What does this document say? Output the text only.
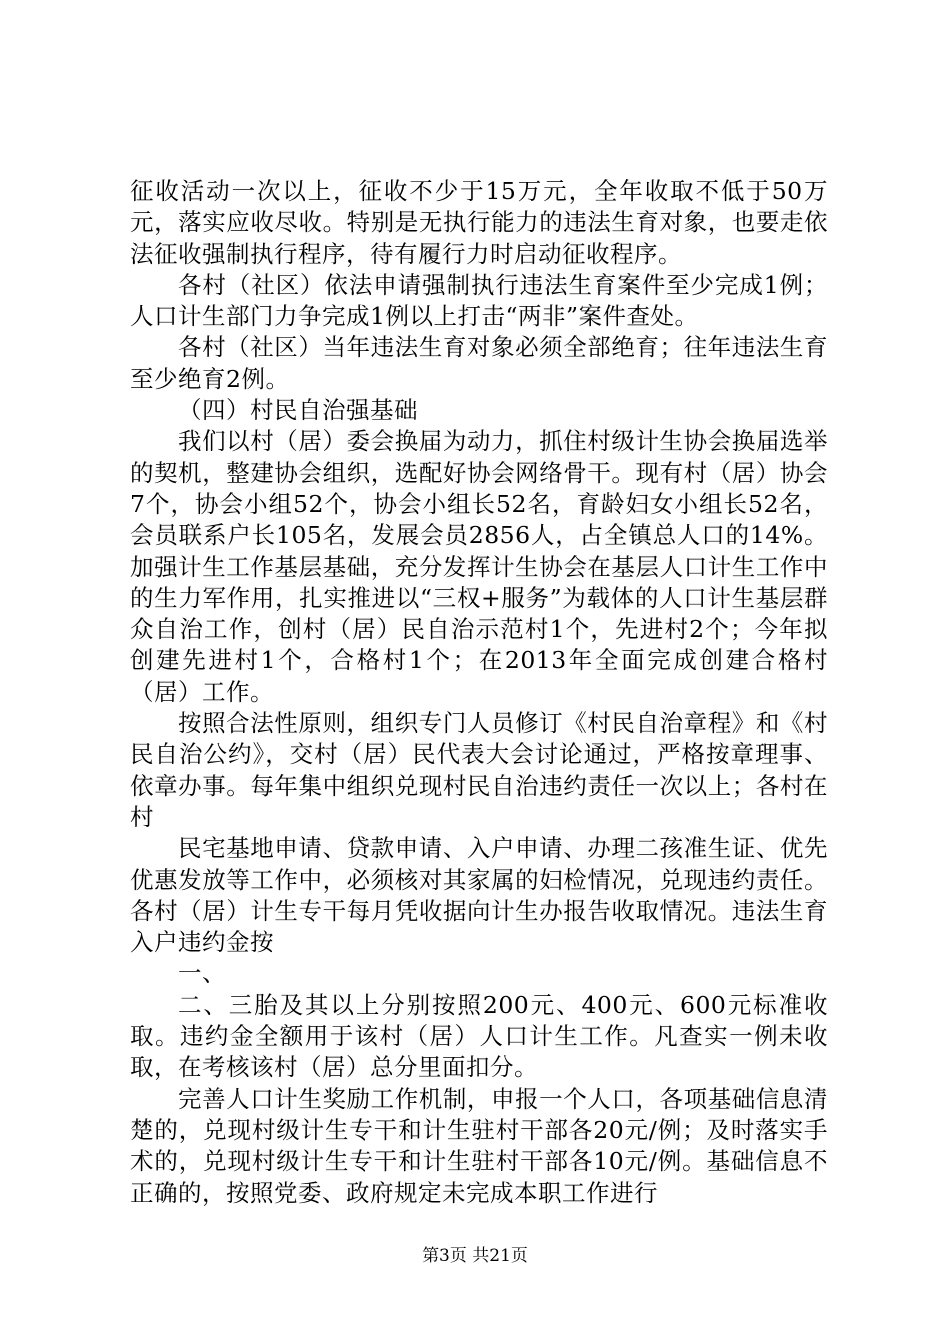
征收活动一次以上，征收不少于15万元，全年收取不低于50万元，落实应收尽收。特别是无执行能力的违法生育对象，也要走依法征收强制执行程序，待有履行力时启动征收程序。

各村（社区）依法申请强制执行违法生育案件至少完成1例；人口计生部门力争完成1例以上打击“两非”案件查处。

各村（社区）当年违法生育对象必须全部绝育；往年违法生育至少绝育2例。

（四）村民自治强基础

我们以村（居）委会换届为动力，抓住村级计生协会换届选举的契机，整建协会组织，选配好协会网络骨干。现有村（居）协会7个，协会小组52个，协会小组长52名，育龄妇女小组长52名，会员联系户长105名，发展会员2856人，占全镇总人口的14%。加强计生工作基层基础，充分发挥计生协会在基层人口计生工作中的生力军作用，扎实推进以“三权+服务”为载体的人口计生基层群众自治工作，创村（居）民自治示范村1个，先进村2个；今年拟创建先进村1个，合格村1个；在2013年全面完成创建合格村（居）工作。

按照合法性原则，组织专门人员修订《村民自治章程》和《村民自治公约》，交村（居）民代表大会讨论通过，严格按章理事、依章办事。每年集中组织兑现村民自治违约责任一次以上；各村在村

民宅基地申请、贷款申请、入户申请、办理二孩准生证、优先优惠发放等工作中，必须核对其家属的妇检情况，兑现违约责任。各村（居）计生专干每月凭收据向计生办报告收取情况。违法生育入户违约金按

一、

二、三胎及其以上分别按照200元、400元、600元标准收取。违约金全额用于该村（居）人口计生工作。凡查实一例未收取，在考核该村（居）总分里面扣分。

完善人口计生奖励工作机制，申报一个人口，各项基础信息清楚的，兑现村级计生专干和计生驻村干部各20元/例；及时落实手术的，兑现村级计生专干和计生驻村干部各10元/例。基础信息不正确的，按照党委、政府规定未完成本职工作进行

第3页 共21页
